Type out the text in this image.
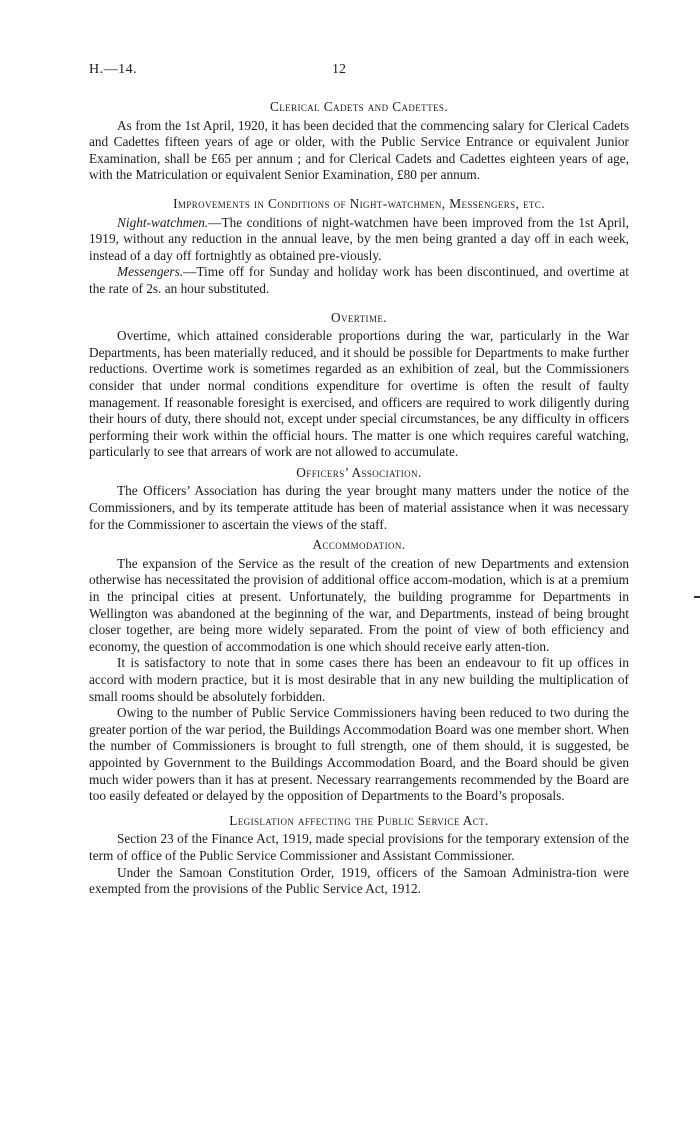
H.—14.	12
Clerical Cadets and Cadettes.

As from the 1st April, 1920, it has been decided that the commencing salary for Clerical Cadets and Cadettes fifteen years of age or older, with the Public Service Entrance or equivalent Junior Examination, shall be £65 per annum ; and for Clerical Cadets and Cadettes eighteen years of age, with the Matriculation or equivalent Senior Examination, £80 per annum.

Improvements in Conditions of Night-watchmen, Messengers, etc.

Night-watchmen.—The conditions of night-watchmen have been improved from the 1st April, 1919, without any reduction in the annual leave, by the men being granted a day off in each week, instead of a day off fortnightly as obtained pre-viously.

Messengers.—Time off for Sunday and holiday work has been discontinued, and overtime at the rate of 2s. an hour substituted.

Overtime.

Overtime, which attained considerable proportions during the war, particularly in the War Departments, has been materially reduced, and it should be possible for Departments to make further reductions. Overtime work is sometimes regarded as an exhibition of zeal, but the Commissioners consider that under normal conditions expenditure for overtime is often the result of faulty management. If reasonable foresight is exercised, and officers are required to work diligently during their hours of duty, there should not, except under special circumstances, be any difficulty in officers performing their work within the official hours. The matter is one which requires careful watching, particularly to see that arrears of work are not allowed to accumulate.

Officers’ Association.

The Officers’ Association has during the year brought many matters under the notice of the Commissioners, and by its temperate attitude has been of material assistance when it was necessary for the Commissioner to ascertain the views of the staff.

Accommodation.

The expansion of the Service as the result of the creation of new Departments and extension otherwise has necessitated the provision of additional office accom-modation, which is at a premium in the principal cities at present. Unfortunately, the building programme for Departments in Wellington was abandoned at the beginning of the war, and Departments, instead of being brought closer together, are being more widely separated. From the point of view of both efficiency and economy, the question of accommodation is one which should receive early atten-tion.

It is satisfactory to note that in some cases there has been an endeavour to fit up offices in accord with modern practice, but it is most desirable that in any new building the multiplication of small rooms should be absolutely forbidden.

Owing to the number of Public Service Commissioners having been reduced to two during the greater portion of the war period, the Buildings Accommodation Board was one member short. When the number of Commissioners is brought to full strength, one of them should, it is suggested, be appointed by Government to the Buildings Accommodation Board, and the Board should be given much wider powers than it has at present. Necessary rearrangements recommended by the Board are too easily defeated or delayed by the opposition of Departments to the Board’s proposals.

Legislation affecting the Public Service Act.

Section 23 of the Finance Act, 1919, made special provisions for the temporary extension of the term of office of the Public Service Commissioner and Assistant Commissioner.

Under the Samoan Constitution Order, 1919, officers of the Samoan Administra-tion were exempted from the provisions of the Public Service Act, 1912.
